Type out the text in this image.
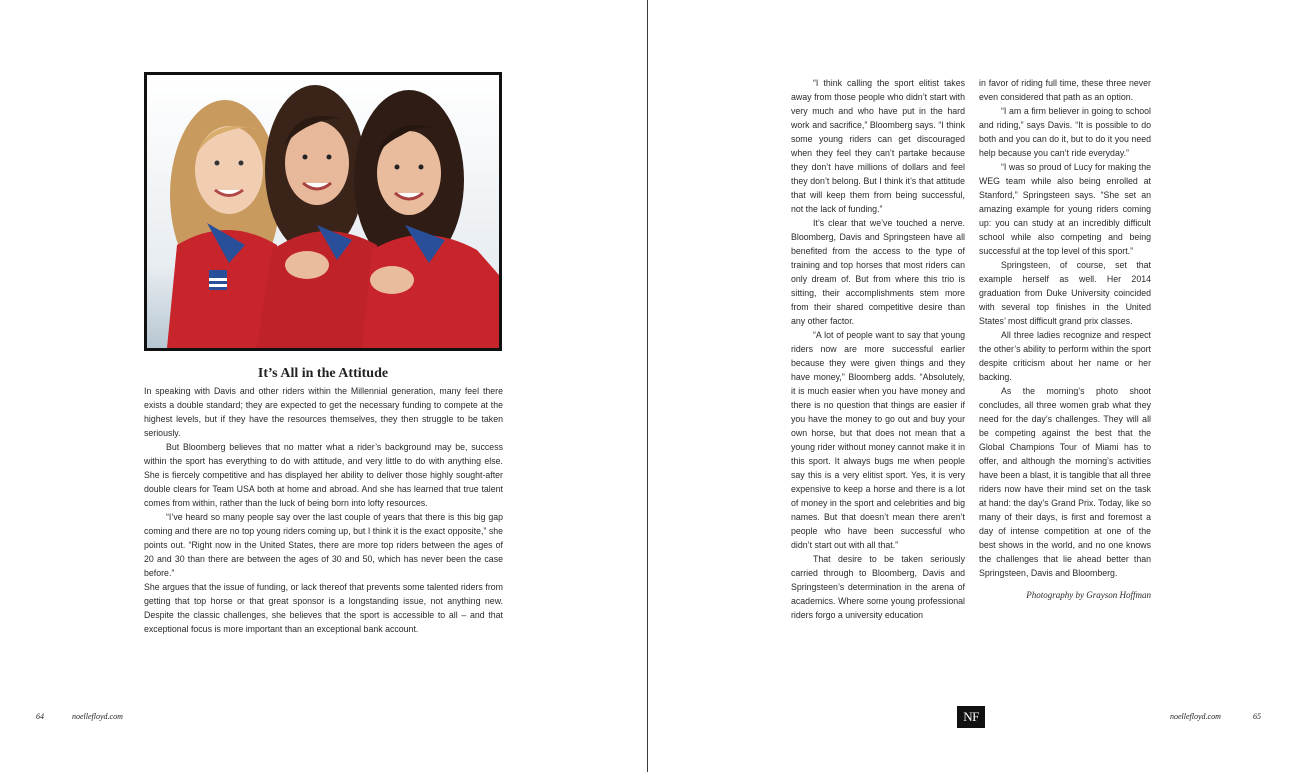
It’s All in the Attitude

In speaking with Davis and other riders within the Millennial generation, many feel there exists a double standard; they are expected to get the necessary funding to compete at the highest levels, but if they have the resources themselves, they then struggle to be taken seriously.

But Bloomberg believes that no matter what a rider’s background may be, success within the sport has everything to do with attitude, and very little to do with anything else. She is fiercely competitive and has displayed her ability to deliver those highly sought-after double clears for Team USA both at home and abroad. And she has learned that true talent comes from within, rather than the luck of being born into lofty resources.

“I’ve heard so many people say over the last couple of years that there is this big gap coming and there are no top young riders coming up, but I think it is the exact opposite,” she points out. “Right now in the United States, there are more top riders between the ages of 20 and 30 than there are between the ages of 30 and 50, which has never been the case before.”

She argues that the issue of funding, or lack thereof that prevents some talented riders from getting that top horse or that great sponsor is a longstanding issue, not anything new. Despite the classic challenges, she believes that the sport is accessible to all – and that exceptional focus is more important than an exceptional bank account.

64	noellefloyd.com

“I think calling the sport elitist takes away from those people who didn’t start with very much and who have put in the hard work and sacrifice,” Bloomberg says. “I think some young riders can get discouraged when they feel they can’t partake because they don’t have millions of dollars and feel they don’t belong. But I think it’s that attitude that will keep them from being successful, not the lack of funding.”

It’s clear that we’ve touched a nerve. Bloomberg, Davis and Springsteen have all benefited from the access to the type of training and top horses that most riders can only dream of. But from where this trio is sitting, their accomplishments stem more from their shared competitive desire than any other factor.

“A lot of people want to say that young riders now are more successful earlier because they were given things and they have money,” Bloomberg adds. “Absolutely, it is much easier when you have money and there is no question that things are easier if you have the money to go out and buy your own horse, but that does not mean that a young rider without money cannot make it in this sport. It always bugs me when people say this is a very elitist sport. Yes, it is very expensive to keep a horse and there is a lot of money in the sport and celebrities and big names. But that doesn’t mean there aren’t people who have been successful who didn’t start out with all that.”

That desire to be taken seriously carried through to Bloomberg, Davis and Springsteen’s determination in the arena of academics. Where some young professional riders forgo a university education

in favor of riding full time, these three never even considered that path as an option.

“I am a firm believer in going to school and riding,” says Davis. “It is possible to do both and you can do it, but to do it you need help because you can’t ride everyday.”

“I was so proud of Lucy for making the WEG team while also being enrolled at Stanford,” Springsteen says. “She set an amazing example for young riders coming up: you can study at an incredibly difficult school while also competing and being successful at the top level of this sport.”

Springsteen, of course, set that example herself as well. Her 2014 graduation from Duke University coincided with several top finishes in the United States’ most difficult grand prix classes.

All three ladies recognize and respect the other’s ability to perform within the sport despite criticism about her name or her backing.

As the morning’s photo shoot concludes, all three women grab what they need for the day’s challenges. They will all be competing against the best that the Global Champions Tour of Miami has to offer, and although the morning’s activities have been a blast, it is tangible that all three riders now have their mind set on the task at hand: the day’s Grand Prix. Today, like so many of their days, is first and foremost a day of intense competition at one of the best shows in the world, and no one knows the challenges that lie ahead better than Springsteen, Davis and Bloomberg.

Photography by Grayson Hoffman
NF	noellefloyd.com	65
